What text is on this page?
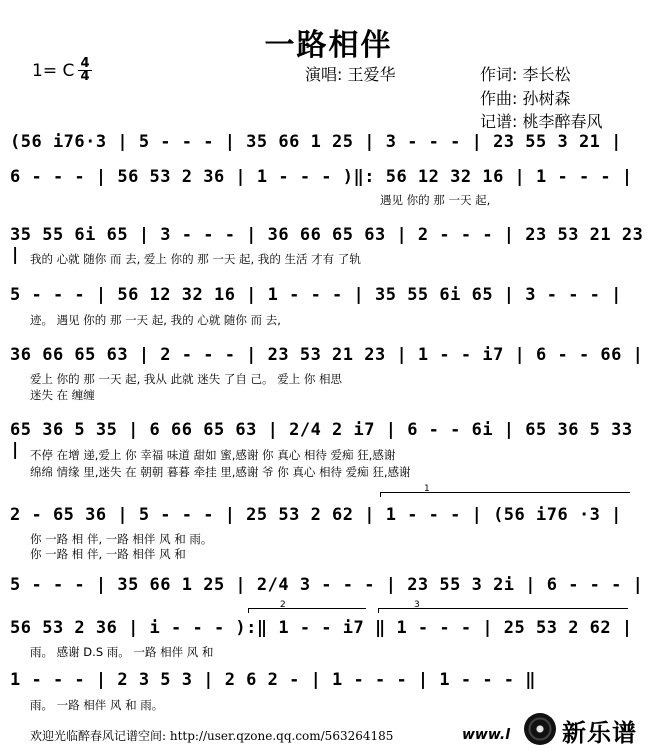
一路相伴
1= C 4
4	演唱: 王爱华	作词: 李长松
作曲: 孙树森
记谱: 桃李醉春风
(56 i76·3 | 5 - - - | 35 66 1 25 | 3 - - - | 23 55 3 21 |
6 - - - | 56 53 2 36 | 1 - - - )‖: 56 12 32 16 | 1 - - - |
遇见 你的 那 一天 起,
35 55 6i 65 | 3 - - - | 36 66 65 63 | 2 - - - | 23 53 21 23 | 我的 心就 随你 而 去, 爱上 你的 那 一天 起, 我的 生活 才有 了轨
5 - - - | 56 12 32 16 | 1 - - - | 35 55 6i 65 | 3 - - - |
迹。 遇见 你的 那 一天 起, 我的 心就 随你 而 去,
36 66 65 63 | 2 - - - | 23 53 21 23 | 1 - - i7 | 6 - - 66 |
爱上 你的 那 一天 起, 我从 此就 迷失 了自 己。 爱上 你 相思
迷失 在 缠缠
65 36 5 35 | 6 66 65 63 | 2/4 2 i7 | 6 - - 6i | 65 36 5 33 | 不停 在增 递,爱上 你 幸福 味道 甜如 蜜,感谢 你 真心 相待 爱痴 狂,感谢
绵绵 情缘 里,迷失 在 朝朝 暮暮 牵挂 里,感谢 爷 你 真心 相待 爱痴 狂,感谢
1
2 - 65 36 | 5 - - - | 25 53 2 62 | 1 - - - | (56 i76 ·3 |
你 一路 相 伴, 一路 相伴 风 和 雨。
你 一路 相 伴, 一路 相伴 风 和
5 - - - | 35 66 1 25 | 2/4 3 - - - | 23 55 3 2i | 6 - - - |
2	3
56 53 2 36 | i - - - ):‖ 1 - - i7 ‖ 1 - - - | 25 53 2 62 |
雨。 感谢 D.S 雨。 一路 相伴 风 和
1 - - - | 2 3 5 3 | 2 6 2 - | 1 - - - | 1 - - - ‖
雨。 一路 相伴 风 和 雨。
欢迎光临醉春风记谱空间: http://user.qzone.qq.com/563264185	www.l 新乐谱
